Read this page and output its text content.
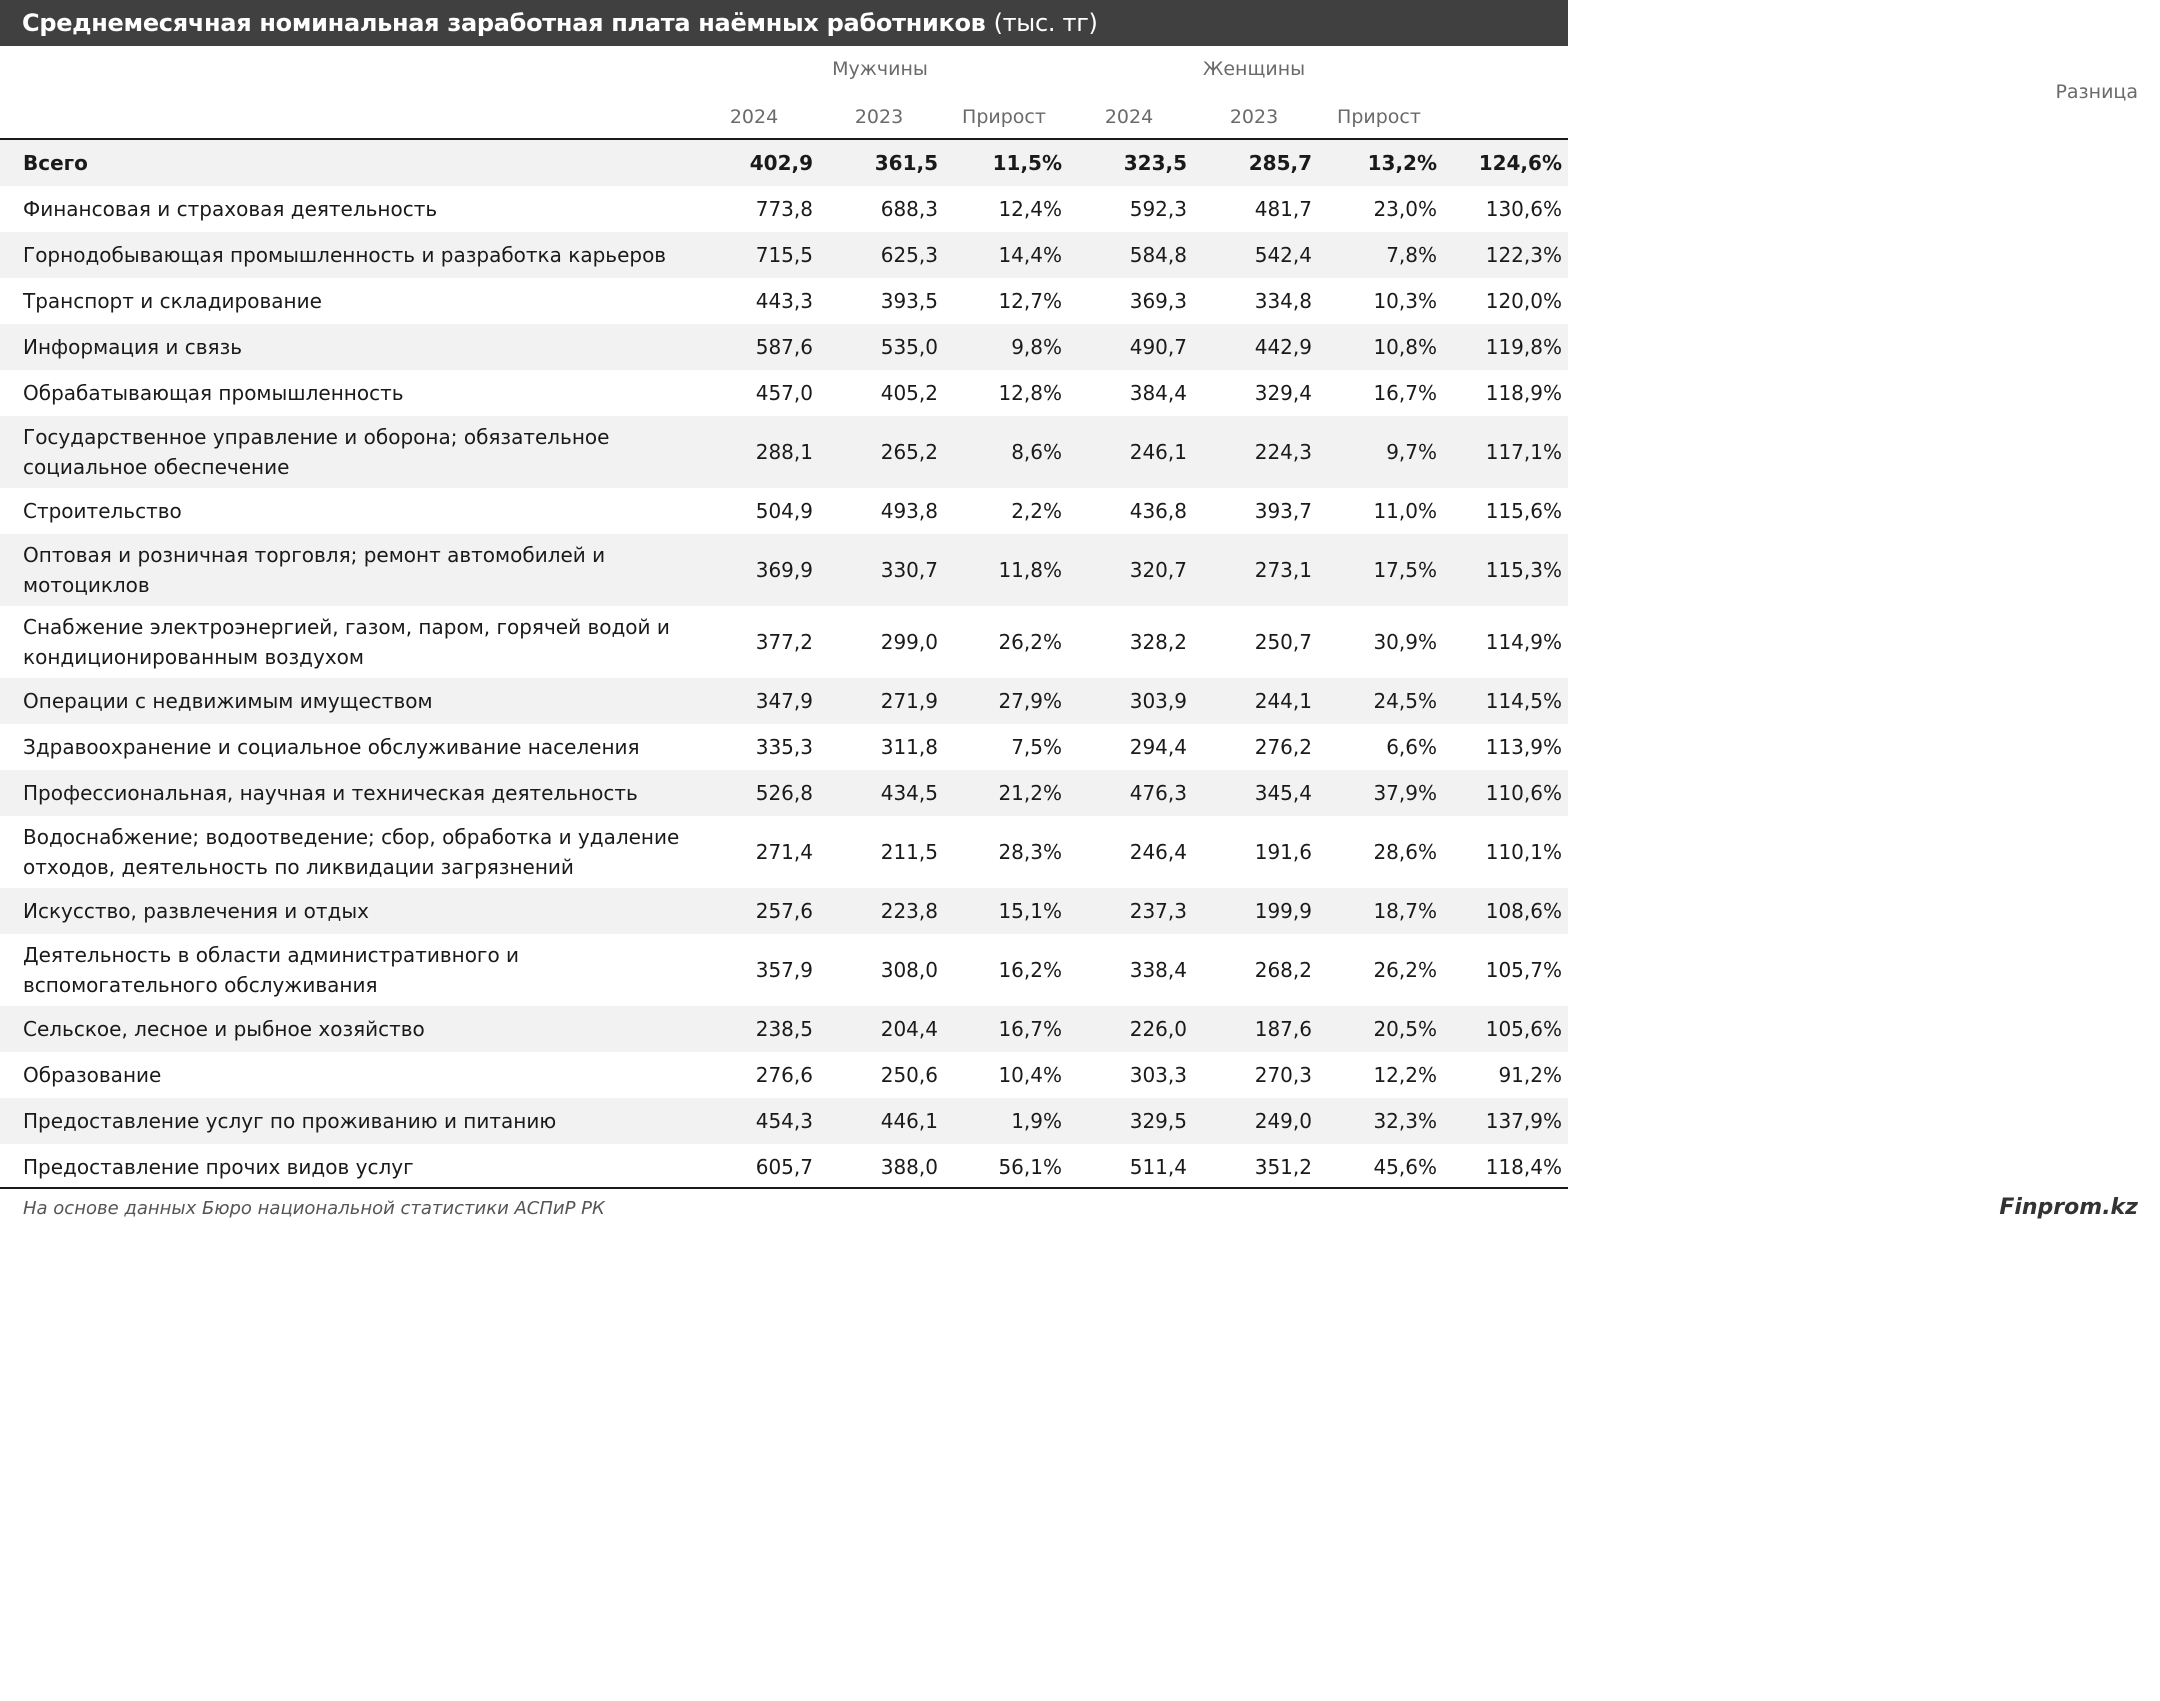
Среднемесячная номинальная заработная плата наёмных работников (тыс. тг)
Мужчины	Женщины
Разница
2024	2023	Прирост	2024	2023	Прирост
Всего	402,9	361,5	11,5%	323,5	285,7	13,2%	124,6%
Финансовая и страховая деятельность	773,8	688,3	12,4%	592,3	481,7	23,0%	130,6%
Горнодобывающая промышленность и разработка карьеров	715,5	625,3	14,4%	584,8	542,4	7,8%	122,3%
Транспорт и складирование	443,3	393,5	12,7%	369,3	334,8	10,3%	120,0%
Информация и связь	587,6	535,0	9,8%	490,7	442,9	10,8%	119,8%
Обрабатывающая промышленность	457,0	405,2	12,8%	384,4	329,4	16,7%	118,9%
Государственное управление и оборона; обязательное социальное обеспечение	288,1	265,2	8,6%	246,1	224,3	9,7%	117,1%
Строительство	504,9	493,8	2,2%	436,8	393,7	11,0%	115,6%
Оптовая и розничная торговля; ремонт автомобилей и мотоциклов	369,9	330,7	11,8%	320,7	273,1	17,5%	115,3%
Снабжение электроэнергией, газом, паром, горячей водой и кондиционированным воздухом	377,2	299,0	26,2%	328,2	250,7	30,9%	114,9%
Операции с недвижимым имуществом	347,9	271,9	27,9%	303,9	244,1	24,5%	114,5%
Здравоохранение и социальное обслуживание населения	335,3	311,8	7,5%	294,4	276,2	6,6%	113,9%
Профессиональная, научная и техническая деятельность	526,8	434,5	21,2%	476,3	345,4	37,9%	110,6%
Водоснабжение; водоотведение; сбор, обработка и удаление отходов, деятельность по ликвидации загрязнений	271,4	211,5	28,3%	246,4	191,6	28,6%	110,1%
Искусство, развлечения и отдых	257,6	223,8	15,1%	237,3	199,9	18,7%	108,6%
Деятельность в области административного и вспомогательного обслуживания	357,9	308,0	16,2%	338,4	268,2	26,2%	105,7%
Сельское, лесное и рыбное хозяйство	238,5	204,4	16,7%	226,0	187,6	20,5%	105,6%
Образование	276,6	250,6	10,4%	303,3	270,3	12,2%	91,2%
Предоставление услуг по проживанию и питанию	454,3	446,1	1,9%	329,5	249,0	32,3%	137,9%
Предоставление прочих видов услуг	605,7	388,0	56,1%	511,4	351,2	45,6%	118,4%
На основе данных Бюро национальной статистики АСПиР РК	Finprom.kz
